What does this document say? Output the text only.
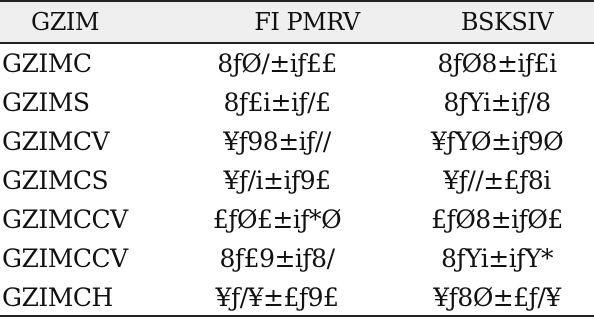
GZIM	FI PMRV	BSKSIV
GZIMC	8ƒØ/±iƒ££	8ƒØ8±iƒ£i
GZIMS	8ƒ£i±iƒ/£	8ƒYi±iƒ/8
GZIMCV	¥ƒ98±iƒ//	¥ƒYØ±iƒ9Ø
GZIMCS	¥ƒ/i±iƒ9£	¥ƒ//±£ƒ8i
GZIMCCV	£ƒØ£±iƒ*Ø	£ƒØ8±iƒØ£
GZIMCCV	8ƒ£9±iƒ8/	8ƒYi±iƒY*
GZIMCH	¥ƒ/¥±£ƒ9£	¥ƒ8Ø±£ƒ/¥
